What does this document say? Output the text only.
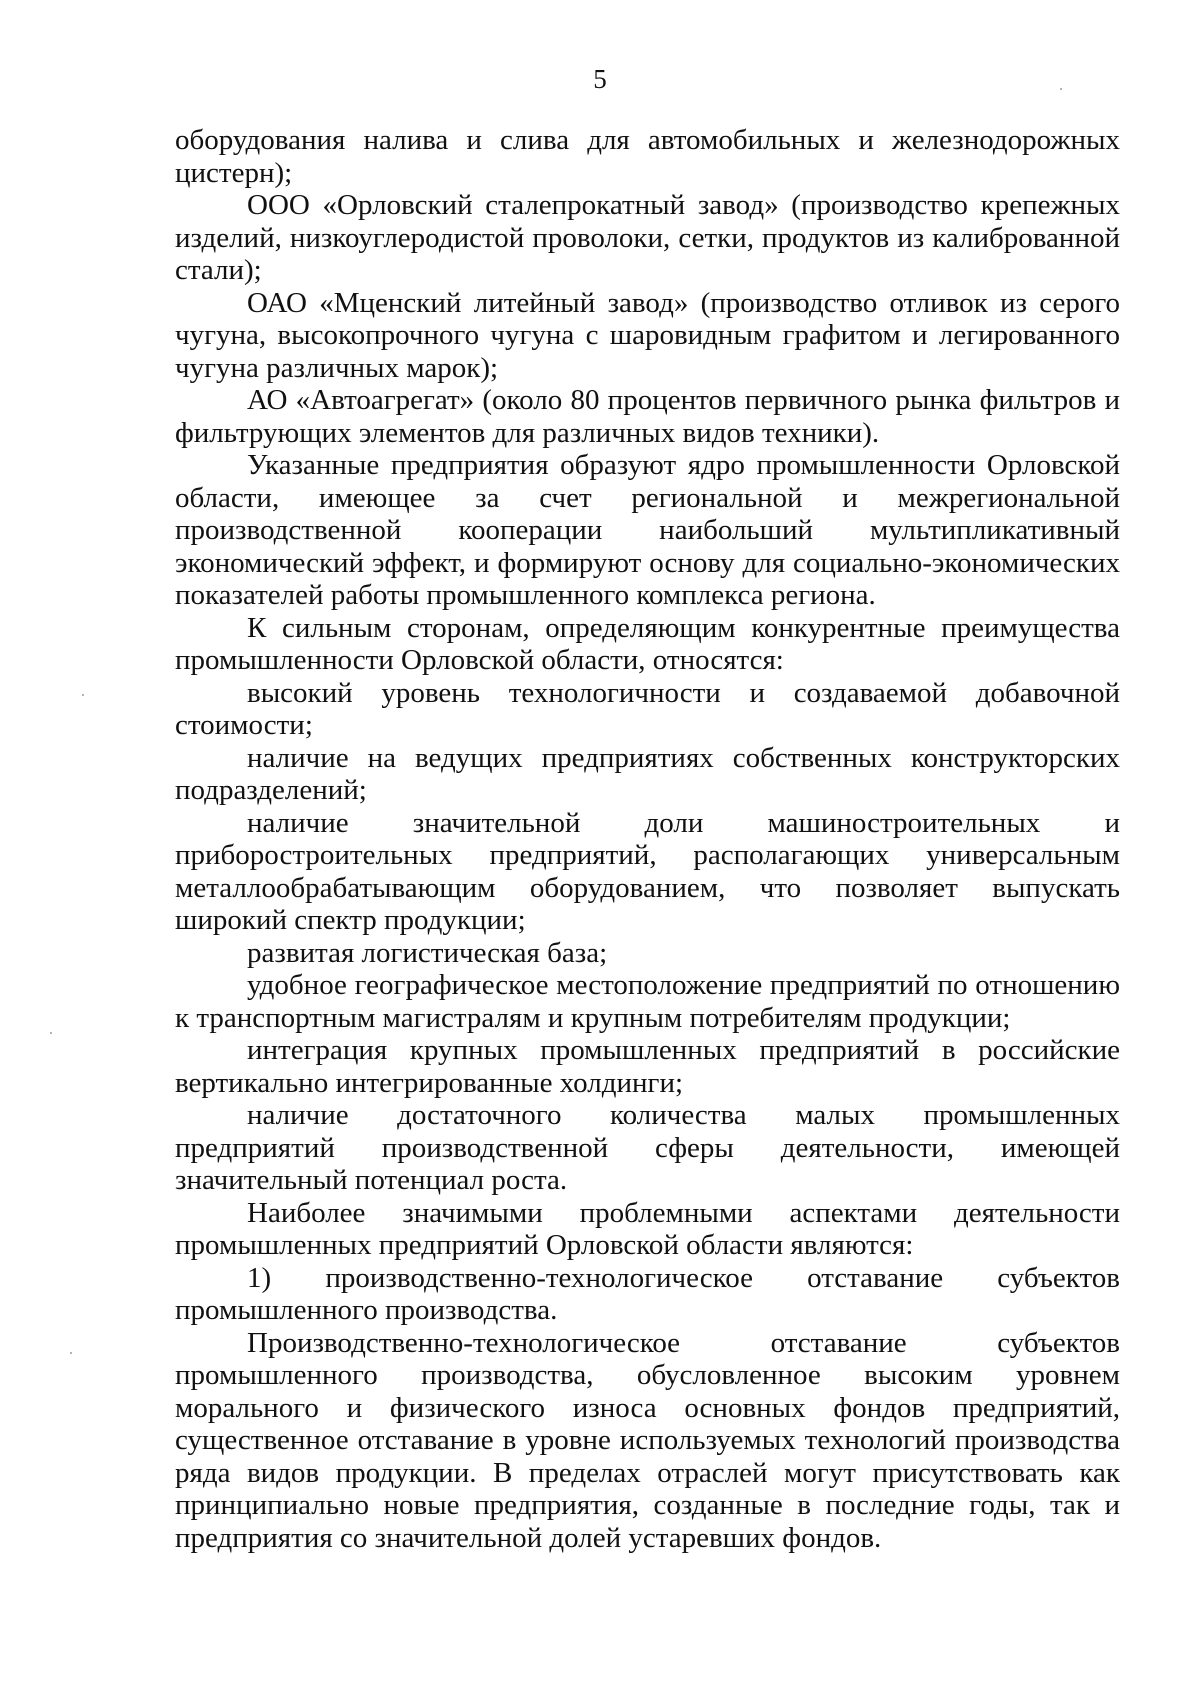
5

оборудования налива и слива для автомобильных и железнодорожных цистерн);

ООО «Орловский сталепрокатный завод» (производство крепежных изделий, низкоуглеродистой проволоки, сетки, продуктов из калиброванной стали);

ОАО «Мценский литейный завод» (производство отливок из серого чугуна, высокопрочного чугуна с шаровидным графитом и легированного чугуна различных марок);

АО «Автоагрегат» (около 80 процентов первичного рынка фильтров и фильтрующих элементов для различных видов техники).

Указанные предприятия образуют ядро промышленности Орловской области, имеющее за счет региональной и межрегиональной производственной кооперации наибольший мультипликативный экономический эффект, и формируют основу для социально-экономических показателей работы промышленного комплекса региона.

К сильным сторонам, определяющим конкурентные преимущества промышленности Орловской области, относятся:

высокий уровень технологичности и создаваемой добавочной стоимости;

наличие на ведущих предприятиях собственных конструкторских подразделений;

наличие значительной доли машиностроительных и приборостроительных предприятий, располагающих универсальным металлообрабатывающим оборудованием, что позволяет выпускать широкий спектр продукции;

развитая логистическая база;

удобное географическое местоположение предприятий по отношению к транспортным магистралям и крупным потребителям продукции;

интеграция крупных промышленных предприятий в российские вертикально интегрированные холдинги;

наличие достаточного количества малых промышленных предприятий производственной сферы деятельности, имеющей значительный потенциал роста.

Наиболее значимыми проблемными аспектами деятельности промышленных предприятий Орловской области являются:

1) производственно-технологическое отставание субъектов промышленного производства.

Производственно-технологическое отставание субъектов промышленного производства, обусловленное высоким уровнем морального и физического износа основных фондов предприятий, существенное отставание в уровне используемых технологий производства ряда видов продукции. В пределах отраслей могут присутствовать как принципиально новые предприятия, созданные в последние годы, так и предприятия со значительной долей устаревших фондов.
